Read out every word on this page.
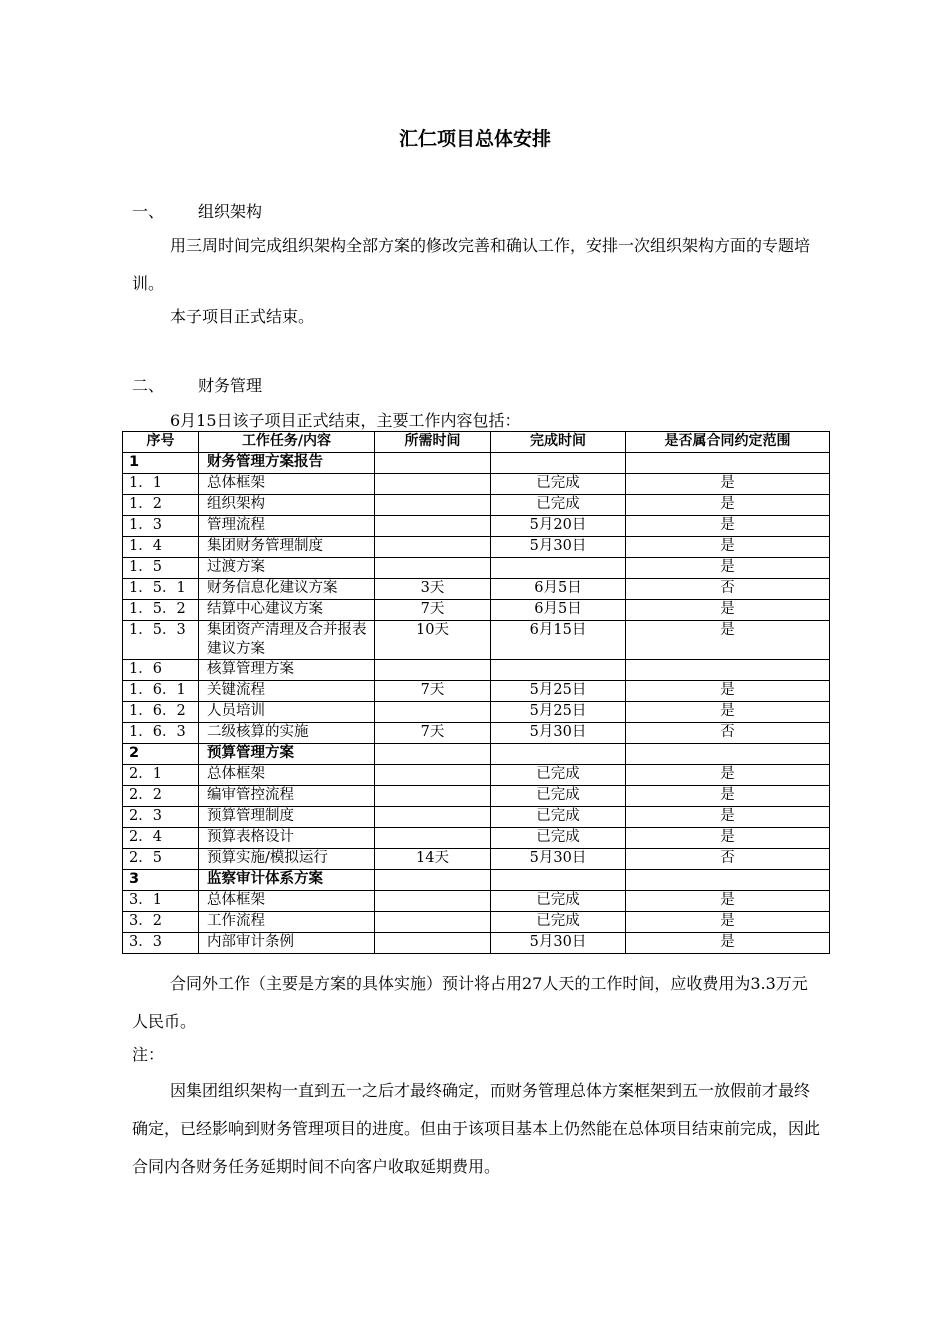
汇仁项目总体安排
一、 组织架构
用三周时间完成组织架构全部方案的修改完善和确认工作，安排一次组织架构方面的专题培训。
本子项目正式结束。
二、 财务管理
6月15日该子项目正式结束，主要工作内容包括：
序号	工作任务/内容	所需时间	完成时间	是否属合同约定范围
1	财务管理方案报告			
1．1	总体框架		已完成	是
1．2	组织架构		已完成	是
1．3	管理流程		5月20日	是
1．4	集团财务管理制度		5月30日	是
1．5	过渡方案			是
1．5．1	财务信息化建议方案	3天	6月5日	否
1．5．2	结算中心建议方案	7天	6月5日	是
1．5．3	集团资产清理及合并报表建议方案	10天	6月15日	是
1．6	核算管理方案			
1．6．1	关键流程	7天	5月25日	是
1．6．2	人员培训		5月25日	是
1．6．3	二级核算的实施	7天	5月30日	否
2	预算管理方案			
2．1	总体框架		已完成	是
2．2	编审管控流程		已完成	是
2．3	预算管理制度		已完成	是
2．4	预算表格设计		已完成	是
2．5	预算实施/模拟运行	14天	5月30日	否
3	监察审计体系方案			
3．1	总体框架		已完成	是
3．2	工作流程		已完成	是
3．3	内部审计条例		5月30日	是
合同外工作（主要是方案的具体实施）预计将占用27人天的工作时间，应收费用为3.3万元人民币。
注：
因集团组织架构一直到五一之后才最终确定，而财务管理总体方案框架到五一放假前才最终确定，已经影响到财务管理项目的进度。但由于该项目基本上仍然能在总体项目结束前完成，因此合同内各财务任务延期时间不向客户收取延期费用。
